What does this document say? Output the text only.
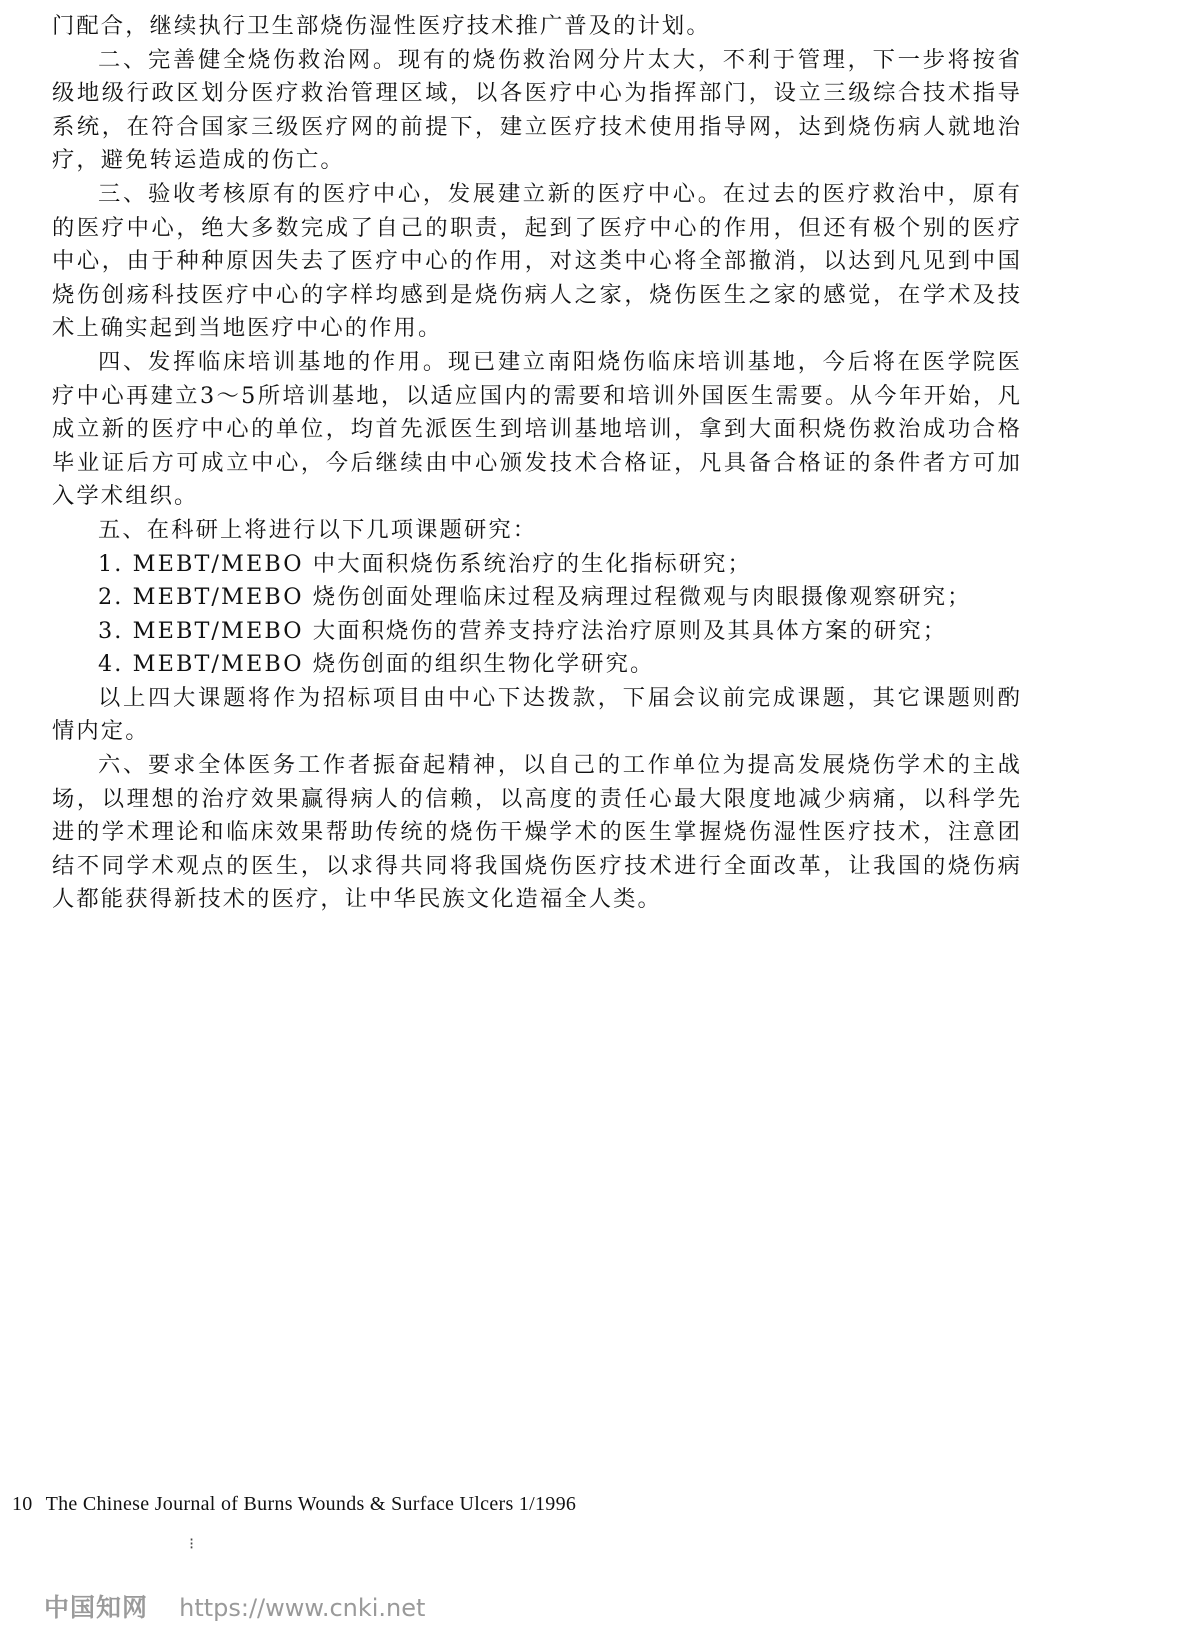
门配合，继续执行卫生部烧伤湿性医疗技术推广普及的计划。

二、完善健全烧伤救治网。现有的烧伤救治网分片太大，不利于管理，下一步将按省级地级行政区划分医疗救治管理区域，以各医疗中心为指挥部门，设立三级综合技术指导系统，在符合国家三级医疗网的前提下，建立医疗技术使用指导网，达到烧伤病人就地治疗，避免转运造成的伤亡。

三、验收考核原有的医疗中心，发展建立新的医疗中心。在过去的医疗救治中，原有的医疗中心，绝大多数完成了自己的职责，起到了医疗中心的作用，但还有极个别的医疗中心，由于种种原因失去了医疗中心的作用，对这类中心将全部撤消，以达到凡见到中国烧伤创疡科技医疗中心的字样均感到是烧伤病人之家，烧伤医生之家的感觉，在学术及技术上确实起到当地医疗中心的作用。

四、发挥临床培训基地的作用。现已建立南阳烧伤临床培训基地，今后将在医学院医疗中心再建立3～5所培训基地，以适应国内的需要和培训外国医生需要。从今年开始，凡成立新的医疗中心的单位，均首先派医生到培训基地培训，拿到大面积烧伤救治成功合格毕业证后方可成立中心，今后继续由中心颁发技术合格证，凡具备合格证的条件者方可加入学术组织。

五、在科研上将进行以下几项课题研究：

1. MEBT/MEBO 中大面积烧伤系统治疗的生化指标研究；

2. MEBT/MEBO 烧伤创面处理临床过程及病理过程微观与肉眼摄像观察研究；

3. MEBT/MEBO 大面积烧伤的营养支持疗法治疗原则及其具体方案的研究；

4. MEBT/MEBO 烧伤创面的组织生物化学研究。

以上四大课题将作为招标项目由中心下达拨款，下届会议前完成课题，其它课题则酌情内定。

六、要求全体医务工作者振奋起精神，以自己的工作单位为提高发展烧伤学术的主战场，以理想的治疗效果赢得病人的信赖，以高度的责任心最大限度地减少病痛，以科学先进的学术理论和临床效果帮助传统的烧伤干燥学术的医生掌握烧伤湿性医疗技术，注意团结不同学术观点的医生，以求得共同将我国烧伤医疗技术进行全面改革，让我国的烧伤病人都能获得新技术的医疗，让中华民族文化造福全人类。

10 The Chinese Journal of Burns Wounds & Surface Ulcers 1/1996
⁝
中国知网 https://www.cnki.net
